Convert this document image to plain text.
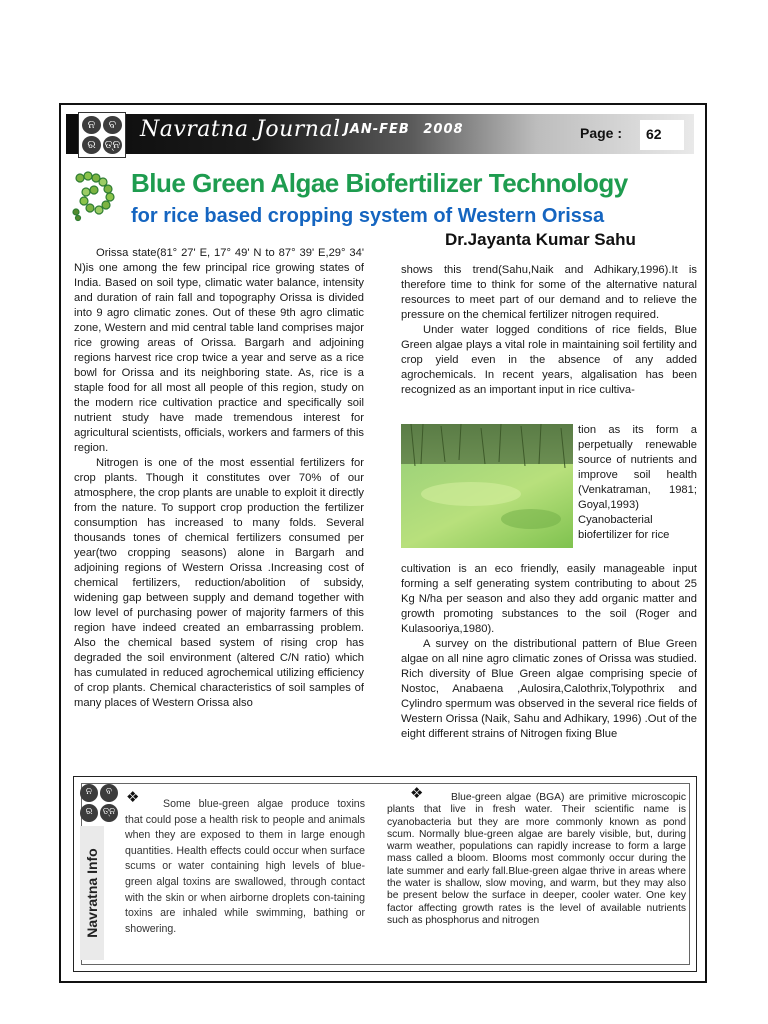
ନ	ବ
ର ତ୍ନ
Navratna Journal JAN-FEB 2008	Page : 62
Blue Green Algae Biofertilizer Technology
for rice based cropping system of Western Orissa
Dr.Jayanta Kumar Sahu

Orissa state(81° 27' E, 17° 49' N to 87° 39' E,29° 34' N)is one among the few principal rice growing states of India. Based on soil type, climatic water balance, intensity and duration of rain fall and topography Orissa is divided into 9 agro climatic zones. Out of these 9th agro climatic zone, Western and mid central table land comprises major rice growing areas of Orissa. Bargarh and adjoining regions harvest rice crop twice a year and serve as a rice bowl for Orissa and its neighboring state. As, rice is a staple food for all most all people of this region, study on the modern rice cultivation practice and specifically soil nutrient study have made tremendous interest for agricultural scientists, officials, workers and farmers of this region.

Nitrogen is one of the most essential fertilizers for crop plants. Though it constitutes over 70% of our atmosphere, the crop plants are unable to exploit it directly from the nature. To support crop production the fertilizer consumption has increased to many folds. Several thousands tones of chemical fertilizers consumed per year(two cropping seasons) alone in Bargarh and adjoining regions of Western Orissa .Increasing cost of chemical fertilizers, reduction/abolition of subsidy, widening gap between supply and demand together with low level of purchasing power of majority farmers of this region have indeed created an embarrassing problem. Also the chemical based system of rising crop has degraded the soil environment (altered C/N ratio) which has cumulated in reduced agrochemical utilizing efficiency of crop plants. Chemical characteristics of soil samples of many places of Western Orissa also

shows this trend(Sahu,Naik and Adhikary,1996).It is therefore time to think for some of the alternative natural resources to meet part of our demand and to relieve the pressure on the chemical fertilizer nitrogen required.

Under water logged conditions of rice fields, Blue Green algae plays a vital role in maintaining soil fertility and crop yield even in the absence of any added agrochemicals. In recent years, algalisation has been recognized as an important input in rice cultiva-

tion as its form a perpetually renewable source of nutrients and improve soil health (Venkatraman, 1981; Goyal,1993) Cyanobacterial biofertilizer for rice

cultivation is an eco friendly, easily manageable input forming a self generating system contributing to about 25 Kg N/ha per season and also they add organic matter and growth promoting substances to the soil (Roger and Kulasooriya,1980).

A survey on the distributional pattern of Blue Green algae on all nine agro climatic zones of Orissa was studied. Rich diversity of Blue Green algae comprising specie of Nostoc, Anabaena ,Aulosira,Calothrix,Tolypothrix and Cylindro spermum was observed in the several rice fields of Western Orissa (Naik, Sahu and Adhikary, 1996) .Out of the eight different strains of Nitrogen fixing Blue

ନ	ବ
ର	ତ୍ନ
Navratna Info
❖	❖
Some blue-green algae produce toxins that could pose a health risk to people and animals when they are exposed to them in large enough quantities. Health effects could occur when surface scums or water containing high levels of blue-green algal toxins are swallowed, through contact with the skin or when airborne droplets con-taining toxins are inhaled while swimming, bathing or showering.
Blue-green algae (BGA) are primitive microscopic plants that live in fresh water. Their scientific name is cyanobacteria but they are more commonly known as pond scum. Normally blue-green algae are barely visible, but, during warm weather, populations can rapidly increase to form a large mass called a bloom. Blooms most commonly occur during the late summer and early fall.Blue-green algae thrive in areas where the water is shallow, slow moving, and warm, but they may also be present below the surface in deeper, cooler water. One key factor affecting growth rates is the level of available nutrients such as phosphorus and nitrogen
